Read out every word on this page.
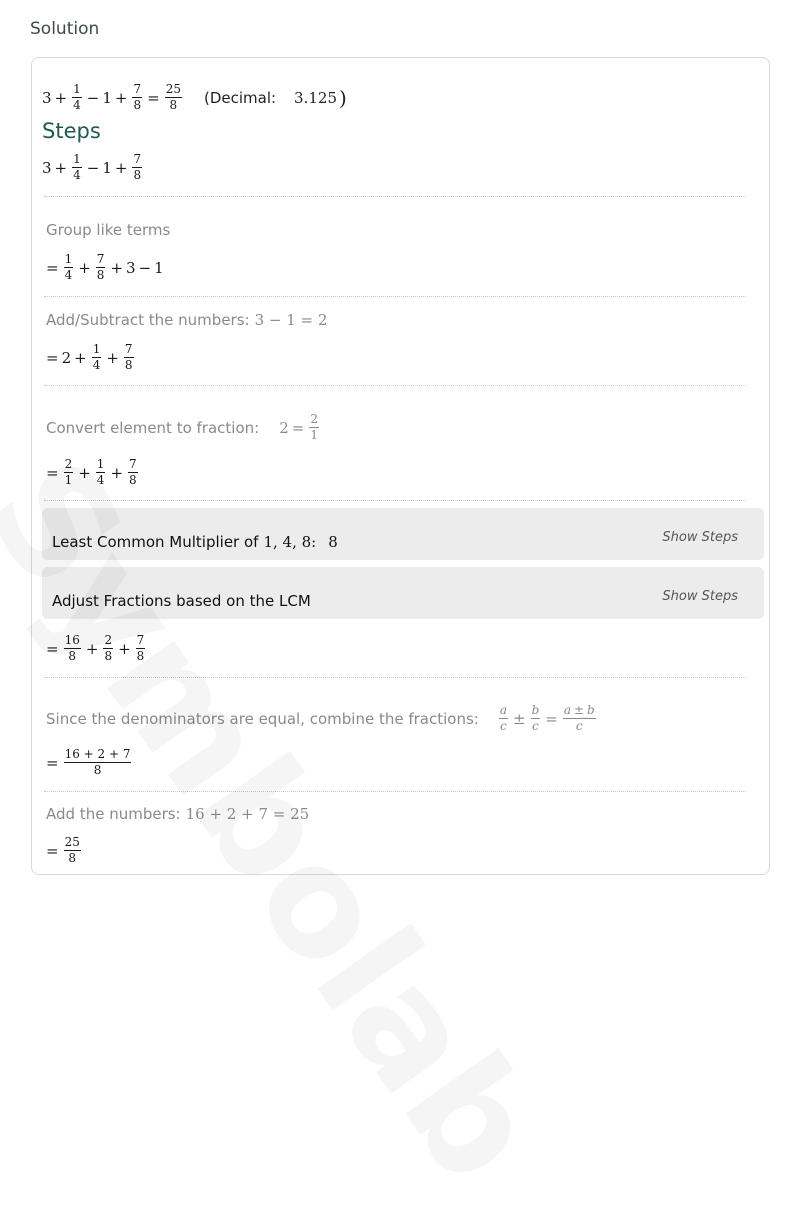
Solution
$3 + \frac{1}{4} - 1 + \frac{7}{8} = \frac{25}{8}$ (Decimal: 3.125 )
Steps
$3 + \frac{1}{4} - 1 + \frac{7}{8}$
Group like terms
= $\frac{1}{4} + \frac{7}{8} + 3 - 1$
Add/Subtract the numbers: 3 − 1 = 2
= $2 + \frac{1}{4} + \frac{7}{8}$
Convert element to fraction: $2 = \frac{2}{1}$
= $\frac{2}{1} + \frac{1}{4} + \frac{7}{8}$
Least Common Multiplier of 1, 4, 8: 8	Show Steps
Adjust Fractions based on the LCM	Show Steps
= $\frac{16}{8} + \frac{2}{8} + \frac{7}{8}$
Since the denominators are equal, combine the fractions: $\frac{a}{c} \pm \frac{b}{c} = \frac{a \pm b}{c}$
= $\frac{16 + 2 + 7}{8}$
Add the numbers: 16 + 2 + 7 = 25
= $\frac{25}{8}$
